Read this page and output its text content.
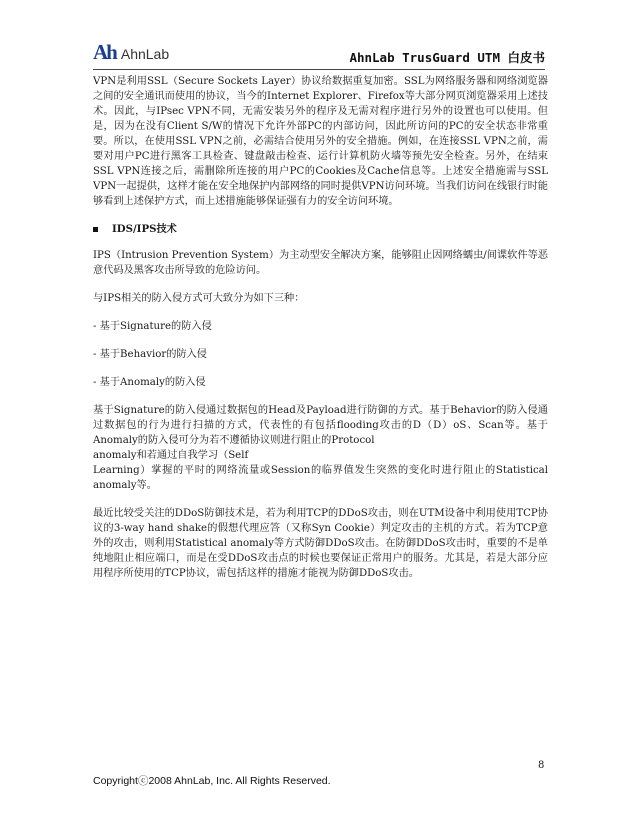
Ah AhnLab	AhnLab TrusGuard UTM 白皮书

VPN是利用SSL（Secure Sockets Layer）协议给数据重复加密。SSL为网络服务器和网络浏览器之间的安全通讯而使用的协议，当今的Internet Explorer、Firefox等大部分网页浏览器采用上述技术。因此，与IPsec VPN不同，无需安装另外的程序及无需对程序进行另外的设置也可以使用。但是，因为在没有Client S/W的情况下允许外部PC的内部访问，因此所访问的PC的安全状态非常重要。所以，在使用SSL VPN之前，必需结合使用另外的安全措施。例如，在连接SSL VPN之前，需要对用户PC进行黑客工具检查、键盘敲击检查、运行计算机防火墙等预先安全检查。另外，在结束SSL VPN连接之后，需删除所连接的用户PC的Cookies及Cache信息等。上述安全措施需与SSL VPN一起提供，这样才能在安全地保护内部网络的同时提供VPN访问环境。当我们访问在线银行时能够看到上述保护方式，而上述措施能够保证强有力的安全访问环境。

IDS/IPS技术

IPS（Intrusion Prevention System）为主动型安全解决方案，能够阻止因网络蠕虫/间谍软件等恶意代码及黑客攻击所导致的危险访问。

与IPS相关的防入侵方式可大致分为如下三种：

- 基于Signature的防入侵
- 基于Behavior的防入侵
- 基于Anomaly的防入侵

基于Signature的防入侵通过数据包的Head及Payload进行防御的方式。基于Behavior的防入侵通过数据包的行为进行扫描的方式，代表性的有包括flooding攻击的D（D）oS、Scan等。基于Anomaly的防入侵可分为若不遵循协议则进行阻止的Protocol

anomaly和若通过自我学习（Self

Learning）掌握的平时的网络流量或Session的临界值发生突然的变化时进行阻止的Statistical anomaly等。

最近比较受关注的DDoS防御技术是，若为利用TCP的DDoS攻击，则在UTM设备中利用使用TCP协议的3-way hand shake的假想代理应答（又称Syn Cookie）判定攻击的主机的方式。若为TCP意外的攻击，则利用Statistical anomaly等方式防御DDoS攻击。在防御DDoS攻击时，重要的不是单纯地阻止相应端口，而是在受DDoS攻击点的时候也要保证正常用户的服务。尤其是，若是大部分应用程序所使用的TCP协议，需包括这样的措施才能视为防御DDoS攻击。

8
Copyrightⓒ2008 AhnLab, Inc. All Rights Reserved.
